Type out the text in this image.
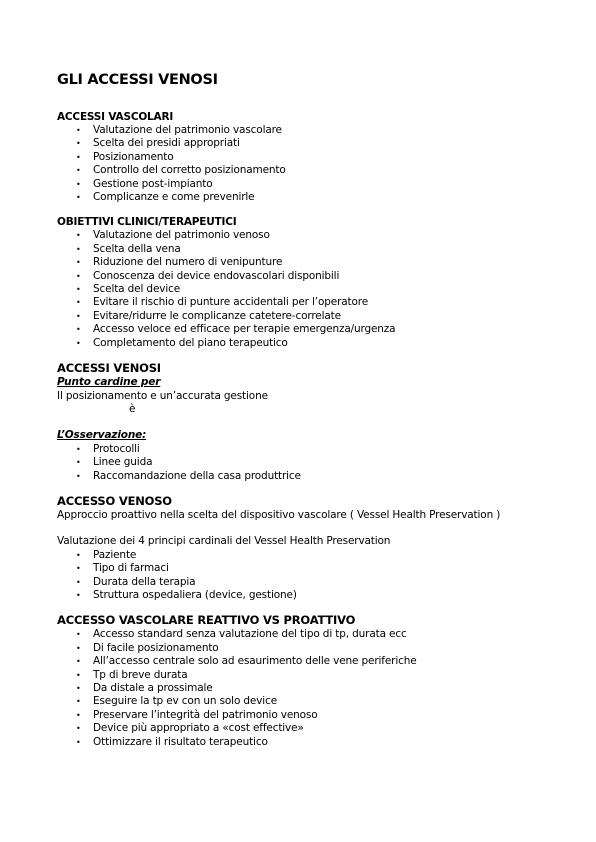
GLI ACCESSI VENOSI
ACCESSI VASCOLARI
• Valutazione del patrimonio vascolare
• Scelta dei presidi appropriati
• Posizionamento
• Controllo del corretto posizionamento
• Gestione post-impianto
• Complicanze e come prevenirle
OBIETTIVI CLINICI/TERAPEUTICI
• Valutazione del patrimonio venoso
• Scelta della vena
• Riduzione del numero di venipunture
• Conoscenza dei device endovascolari disponibili
• Scelta del device
• Evitare il rischio di punture accidentali per l’operatore
• Evitare/ridurre le complicanze catetere-correlate
• Accesso veloce ed efficace per terapie emergenza/urgenza
• Completamento del piano terapeutico
ACCESSI VENOSI
Punto cardine per
Il posizionamento e un’accurata gestione
è
L’Osservazione:
• Protocolli
• Linee guida
• Raccomandazione della casa produttrice
ACCESSO VENOSO
Approccio proattivo nella scelta del dispositivo vascolare ( Vessel Health Preservation )
Valutazione dei 4 principi cardinali del Vessel Health Preservation
• Paziente
• Tipo di farmaci
• Durata della terapia
• Struttura ospedaliera (device, gestione)
ACCESSO VASCOLARE REATTIVO VS PROATTIVO
• Accesso standard senza valutazione del tipo di tp, durata ecc
• Di facile posizionamento
• All’accesso centrale solo ad esaurimento delle vene periferiche
• Tp di breve durata
• Da distale a prossimale
• Eseguire la tp ev con un solo device
• Preservare l’integrità del patrimonio venoso
• Device più appropriato a «cost effective»
• Ottimizzare il risultato terapeutico
